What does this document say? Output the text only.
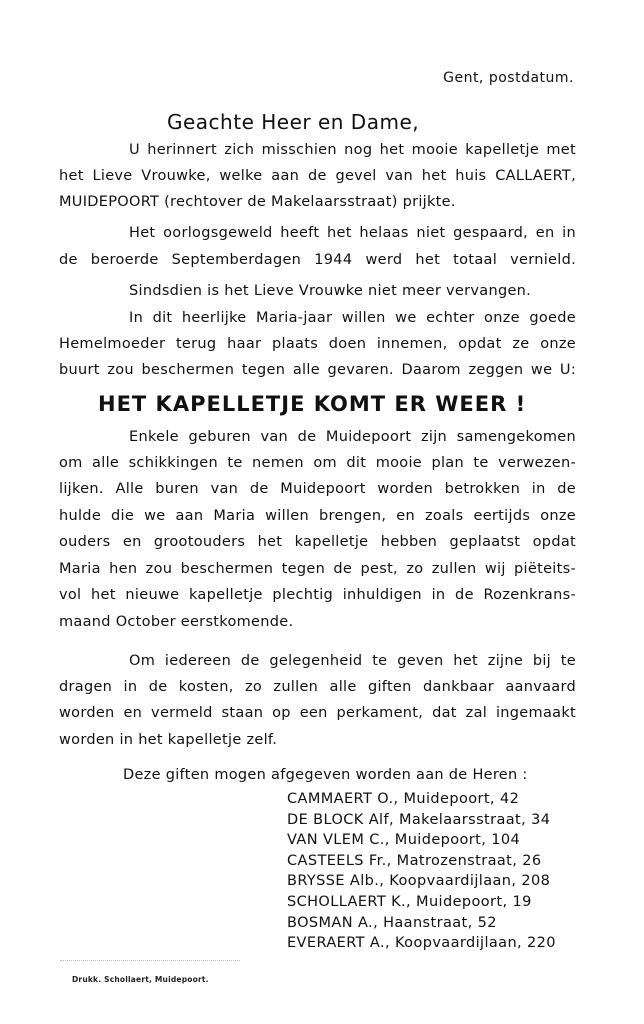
Gent, postdatum.
Geachte Heer en Dame,
U herinnert zich misschien nog het mooie kapelletje met
het Lieve Vrouwke, welke aan de gevel van het huis CALLAERT,
MUIDEPOORT (rechtover de Makelaarsstraat) prijkte.
Het oorlogsgeweld heeft het helaas niet gespaard, en in
de beroerde Septemberdagen 1944 werd het totaal vernield.
Sindsdien is het Lieve Vrouwke niet meer vervangen.
In dit heerlijke Maria-jaar willen we echter onze goede
Hemelmoeder terug haar plaats doen innemen, opdat ze onze
buurt zou beschermen tegen alle gevaren. Daarom zeggen we U:
HET KAPELLETJE KOMT ER WEER !
Enkele geburen van de Muidepoort zijn samengekomen
om alle schikkingen te nemen om dit mooie plan te verwezen-
lijken. Alle buren van de Muidepoort worden betrokken in de
hulde die we aan Maria willen brengen, en zoals eertijds onze
ouders en grootouders het kapelletje hebben geplaatst opdat
Maria hen zou beschermen tegen de pest, zo zullen wij piëteits-
vol het nieuwe kapelletje plechtig inhuldigen in de Rozenkrans-
maand October eerstkomende.
Om iedereen de gelegenheid te geven het zijne bij te
dragen in de kosten, zo zullen alle giften dankbaar aanvaard
worden en vermeld staan op een perkament, dat zal ingemaakt
worden in het kapelletje zelf.
Deze giften mogen afgegeven worden aan de Heren :
CAMMAERT O., Muidepoort, 42
DE BLOCK Alf, Makelaarsstraat, 34
VAN VLEM C., Muidepoort, 104
CASTEELS Fr., Matrozenstraat, 26
BRYSSE Alb., Koopvaardijlaan, 208
SCHOLLAERT K., Muidepoort, 19
BOSMAN A., Haanstraat, 52
EVERAERT A., Koopvaardijlaan, 220
Drukk. Schollaert, Muidepoort.
